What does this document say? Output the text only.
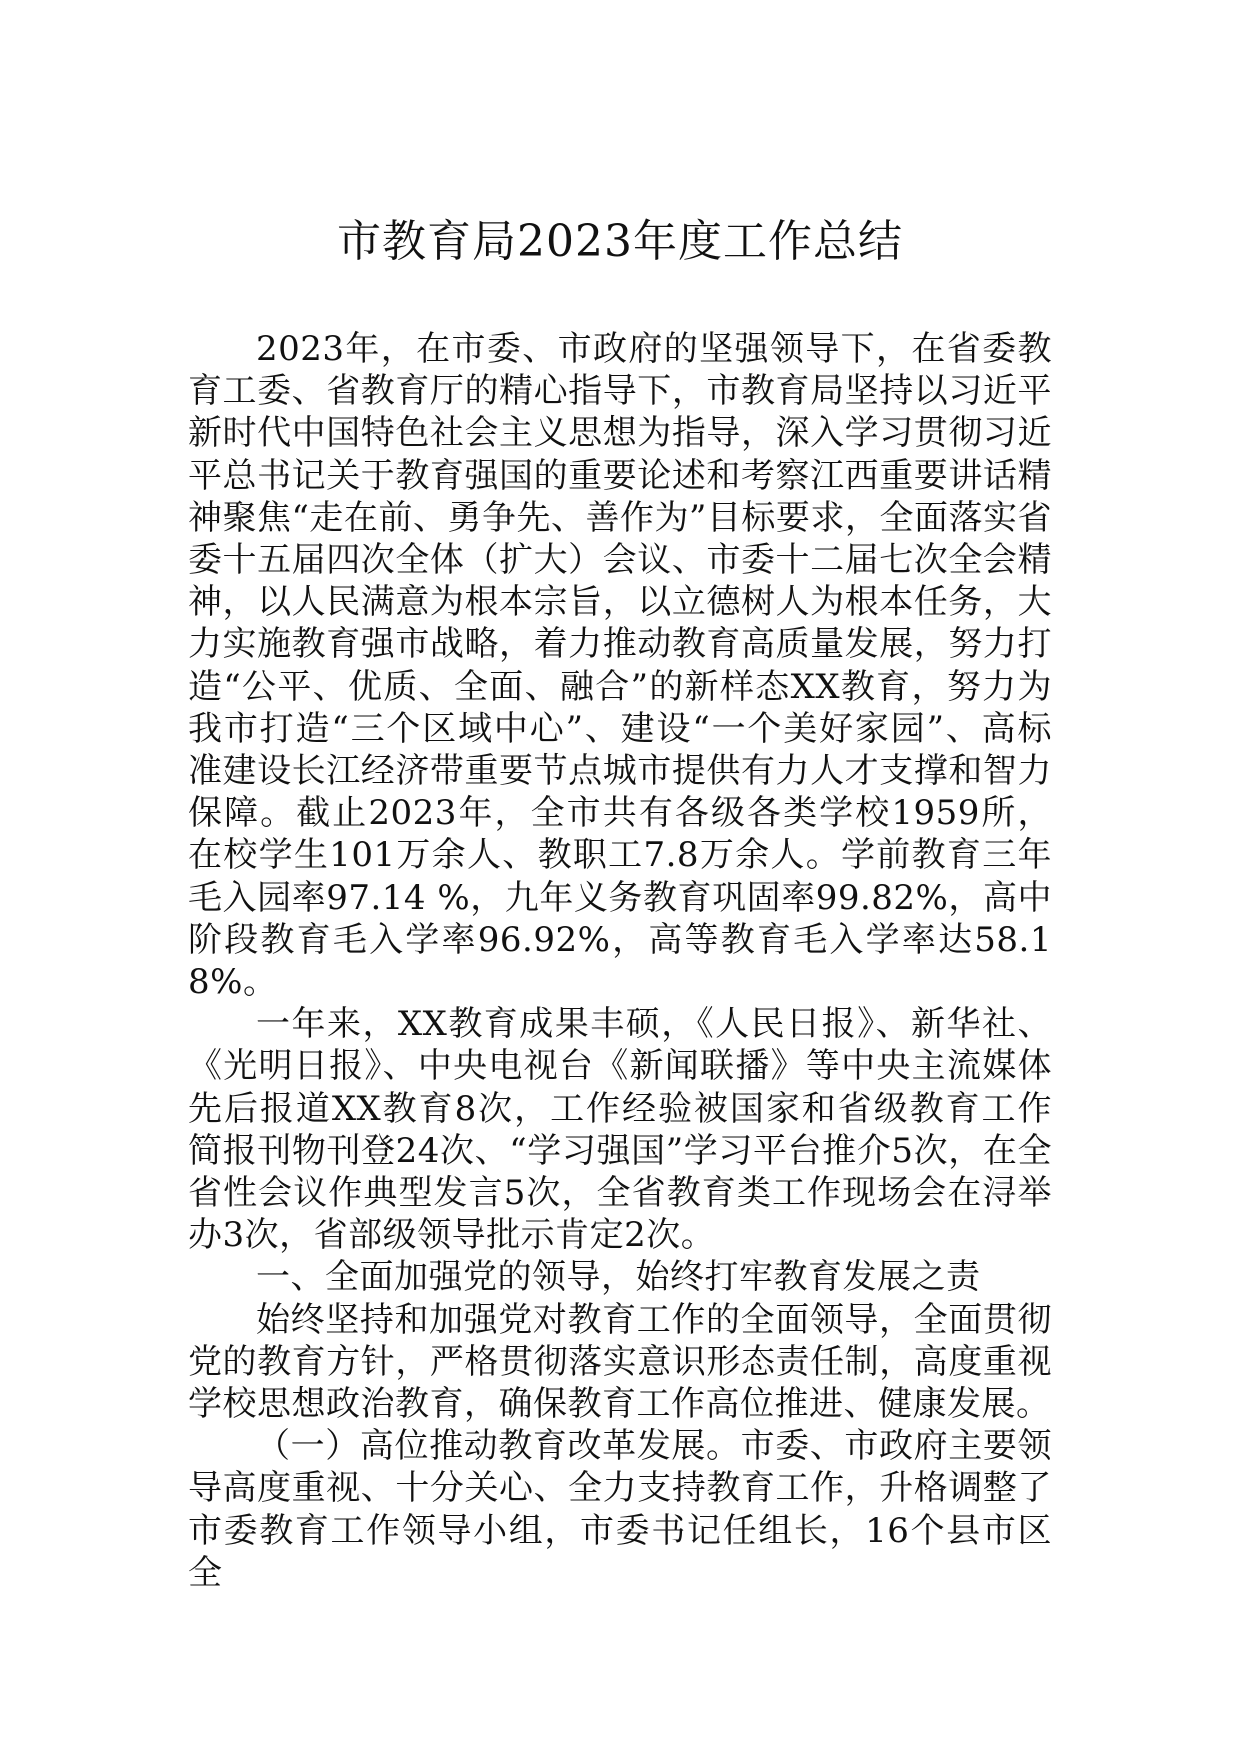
市教育局2023年度工作总结

2023年，在市委、市政府的坚强领导下，在省委教育工委、省教育厅的精心指导下，市教育局坚持以习近平新时代中国特色社会主义思想为指导，深入学习贯彻习近平总书记关于教育强国的重要论述和考察江西重要讲话精神聚焦“走在前、勇争先、善作为”目标要求，全面落实省委十五届四次全体（扩大）会议、市委十二届七次全会精神，以人民满意为根本宗旨，以立德树人为根本任务，大力实施教育强市战略，着力推动教育高质量发展，努力打造“公平、优质、全面、融合”的新样态XX教育，努力为我市打造“三个区域中心”、建设“一个美好家园”、高标准建设长江经济带重要节点城市提供有力人才支撑和智力保障。截止2023年，全市共有各级各类学校1959所，在校学生101万余人、教职工7.8万余人。学前教育三年毛入园率97.14 %，九年义务教育巩固率99.82%，高中阶段教育毛入学率96.92%，高等教育毛入学率达58.18%。

一年来，XX教育成果丰硕，《人民日报》、新华社、《光明日报》、中央电视台《新闻联播》等中央主流媒体先后报道XX教育8次，工作经验被国家和省级教育工作简报刊物刊登24次、“学习强国”学习平台推介5次，在全省性会议作典型发言5次，全省教育类工作现场会在浔举办3次，省部级领导批示肯定2次。

一、全面加强党的领导，始终打牢教育发展之责

始终坚持和加强党对教育工作的全面领导，全面贯彻党的教育方针，严格贯彻落实意识形态责任制，高度重视学校思想政治教育，确保教育工作高位推进、健康发展。

（一）高位推动教育改革发展。市委、市政府主要领导高度重视、十分关心、全力支持教育工作，升格调整了市委教育工作领导小组，市委书记任组长，16个县市区全
